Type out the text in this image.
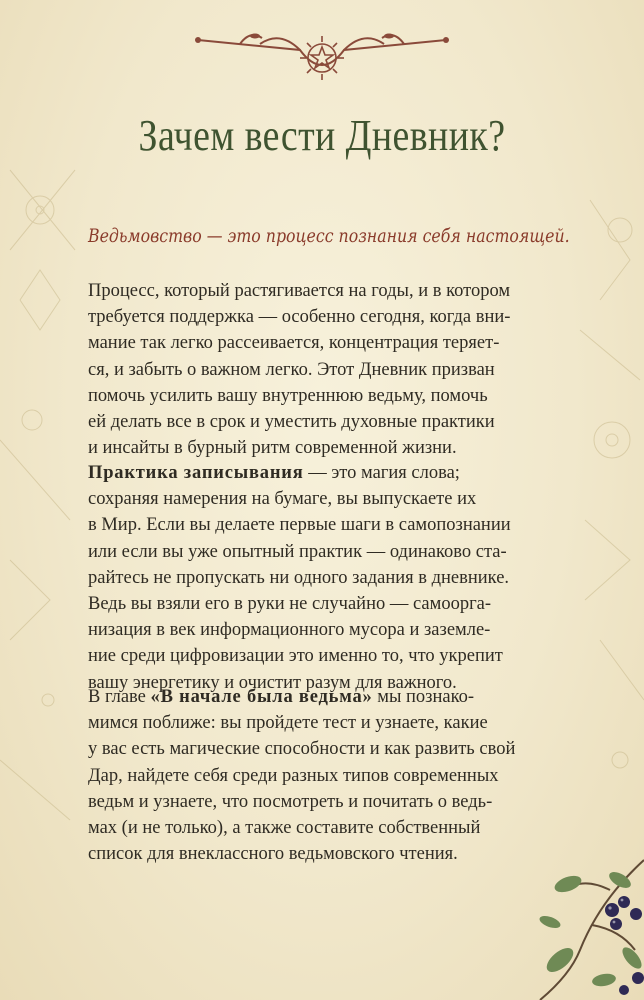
Зачем вести Дневник?

Ведьмовство — это процесс познания себя настоящей.

Процесс, который растягивается на годы, и в котором
требуется поддержка — особенно сегодня, когда вни-
мание так легко рассеивается, концентрация теряет-
ся, и забыть о важном легко. Этот Дневник призван
помочь усилить вашу внутреннюю ведьму, помочь
ей делать все в срок и уместить духовные практики
и инсайты в бурный ритм современной жизни.

Практика записывания — это магия слова;
сохраняя намерения на бумаге, вы выпускаете их
в Мир. Если вы делаете первые шаги в самопознании
или если вы уже опытный практик — одинаково ста-
райтесь не пропускать ни одного задания в дневнике.
Ведь вы взяли его в руки не случайно — самооргa-
низация в век информационного мусора и заземле-
ние среди цифровизации это именно то, что укрепит
вашу энергетику и очистит разум для важного.

В главе «В начале была ведьма» мы познако-
мимся поближе: вы пройдете тест и узнаете, какие
у вас есть магические способности и как развить свой
Дар, найдете себя среди разных типов современных
ведьм и узнаете, что посмотреть и почитать о ведь-
мах (и не только), а также составите собственный
список для внеклассного ведьмовского чтения.
